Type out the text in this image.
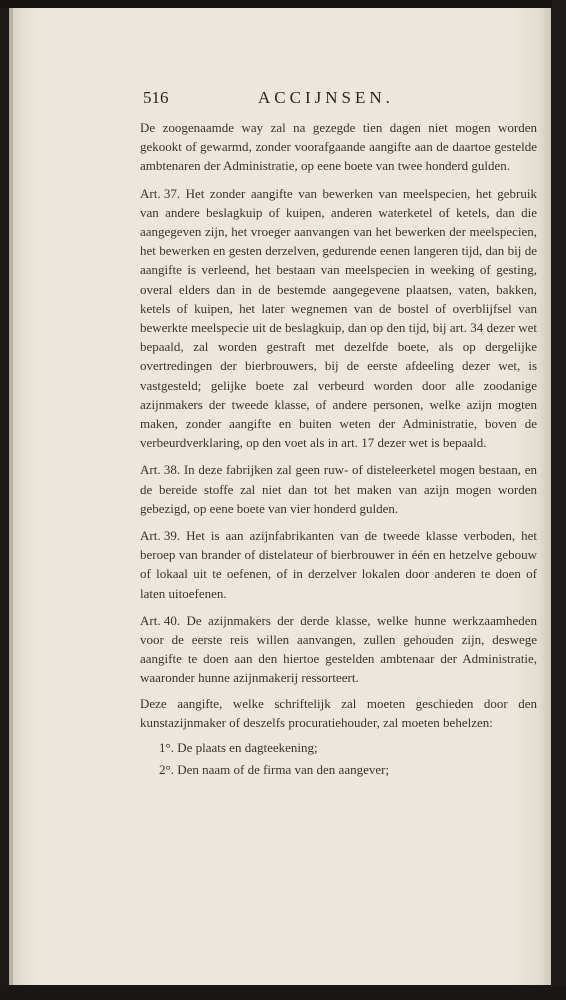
516	ACCIJNSEN.

De zoogenaamde way zal na gezegde tien dagen niet mogen worden gekookt of gewarmd, zonder voorafgaande aangifte aan de daartoe gestelde ambtenaren der Administratie, op eene boete van twee honderd gulden.

Art. 37. Het zonder aangifte van bewerken van meelspecien, het gebruik van andere beslagkuip of kuipen, anderen waterketel of ketels, dan die aangegeven zijn, het vroeger aanvangen van het bewerken der meelspecien, het bewerken en gesten derzelven, gedurende eenen langeren tijd, dan bij de aangifte is verleend, het bestaan van meelspecien in weeking of gesting, overal elders dan in de bestemde aangegevene plaatsen, vaten, bakken, ketels of kuipen, het later wegnemen van de bostel of overblijfsel van bewerkte meelspecie uit de beslagkuip, dan op den tijd, bij art. 34 dezer wet bepaald, zal worden gestraft met dezelfde boete, als op dergelijke overtredingen der bierbrouwers, bij de eerste afdeeling dezer wet, is vastgesteld; gelijke boete zal verbeurd worden door alle zoodanige azijnmakers der tweede klasse, of andere personen, welke azijn mogten maken, zonder aangifte en buiten weten der Administratie, boven de verbeurdverklaring, op den voet als in art. 17 dezer wet is bepaald.

Art. 38. In deze fabrijken zal geen ruw- of disteleerketel mogen bestaan, en de bereide stoffe zal niet dan tot het maken van azijn mogen worden gebezigd, op eene boete van vier honderd gulden.

Art. 39. Het is aan azijnfabrikanten van de tweede klasse verboden, het beroep van brander of distelateur of bierbrouwer in één en hetzelve gebouw of lokaal uit te oefenen, of in derzelver lokalen door anderen te doen of laten uitoefenen.

Art. 40. De azijnmakers der derde klasse, welke hunne werkzaamheden voor de eerste reis willen aanvangen, zullen gehouden zijn, deswege aangifte te doen aan den hiertoe gestelden ambtenaar der Administratie, waaronder hunne azijnmakerij ressorteert.

Deze aangifte, welke schriftelijk zal moeten geschieden door den kunstazijnmaker of deszelfs procuratiehouder, zal moeten behelzen:

1°. De plaats en dagteekening;

2°. Den naam of de firma van den aangever;
